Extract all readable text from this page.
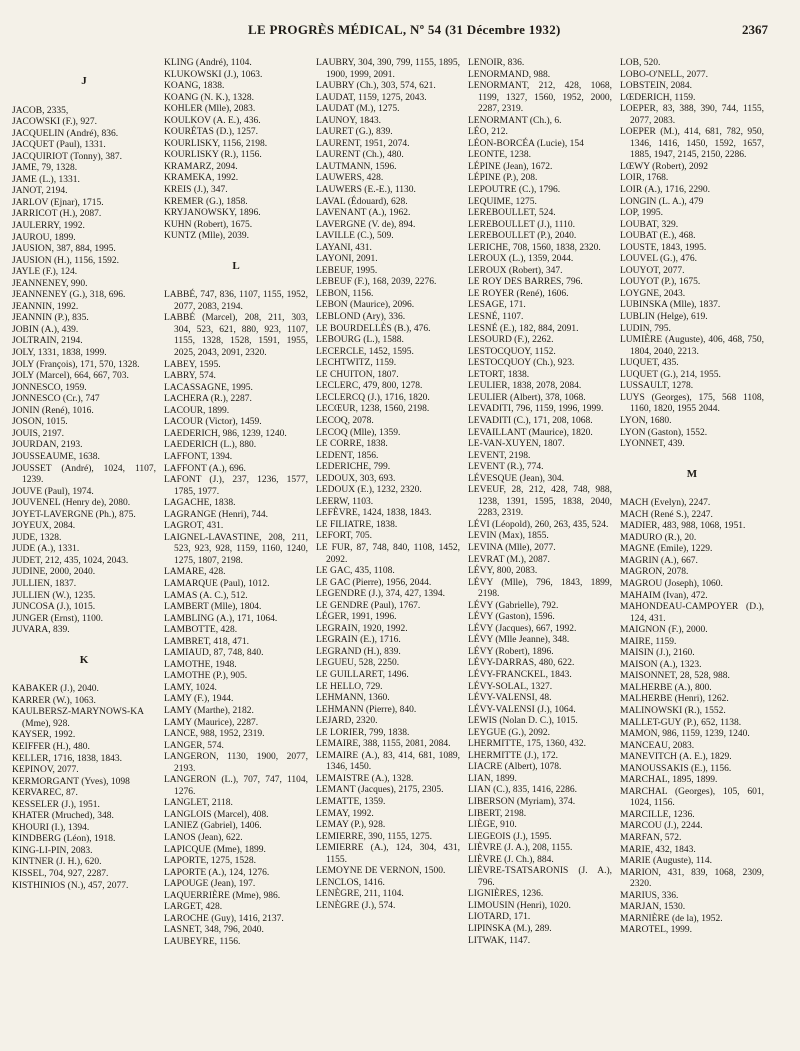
LE PROGRÈS MÉDICAL, Nº 54 (31 Décembre 1932)	2367
J
JACOB, 2335,
JACOWSKI (F.), 927.
JACQUELIN (André), 836.
JACQUET (Paul), 1331.
JACQUIRIOT (Tonny), 387.
JAME, 79, 1328.
JAME (L.), 1331.
JANOT, 2194.
JARLOV (Ejnar), 1715.
JARRICOT (H.), 2087.
JAULERRY, 1992.
JAUROU, 1899.
JAUSION, 387, 884, 1995.
JAUSION (H.), 1156, 1592.
JAYLE (F.), 124.
JEANNENEY, 990.
JEANNENEY (G.), 318, 696.
JEANNIN, 1992.
JEANNIN (P.), 835.
JOBIN (A.), 439.
JOLTRAIN, 2194.
JOLY, 1331, 1838, 1999.
JOLY (François), 171, 570, 1328.
JOLY (Marcel), 664, 667, 703.
JONNESCO, 1959.
JONNESCO (Cr.), 747
JONIN (René), 1016.
JOSON, 1015.
JOUIS, 2197.
JOURDAN, 2193.
JOUSSEAUME, 1638.
JOUSSET (André), 1024, 1107, 1239.
JOUVE (Paul), 1974.
JOUVENEL (Henry de), 2080.
JOYET-LAVERGNE (Ph.), 875.
JOYEUX, 2084.
JUDE, 1328.
JUDE (A.), 1331.
JUDET, 212, 435, 1024, 2043.
JUDINE, 2000, 2040.
JULLIEN, 1837.
JULLIEN (W.), 1235.
JUNCOSA (J.), 1015.
JUNGER (Ernst), 1100.
JUVARA, 839.
K
KABAKER (J.), 2040.
KARRER (W.), 1063.
KAULBERSZ-MARYNOWS-KA (Mme), 928.
KAYSER, 1992.
KEIFFER (H.), 480.
KELLER, 1716, 1838, 1843.
KEPINOV, 2077.
KERMORGANT (Yves), 1098
KERVAREC, 87.
KESSELER (J.), 1951.
KHATER (Mruched), 348.
KHOURI (I.), 1394.
KINDBERG (Léon), 1918.
KING-LI-PIN, 2083.
KINTNER (J. H.), 620.
KISSEL, 704, 927, 2287.
KISTHINIOS (N.), 457, 2077.
KLING (André), 1104.
KLUKOWSKI (J.), 1063.
KOANG, 1838.
KOANG (N. K.), 1328.
KOHLER (Mlle), 2083.
KOULKOV (A. E.), 436.
KOURÉTAS (D.), 1257.
KOURLISKY, 1156, 2198.
KOURLISKY (R.), 1156.
KRAMARZ, 2094.
KRAMEKA, 1992.
KREIS (J.), 347.
KREMER (G.), 1858.
KRYJANOWSKY, 1896.
KUHN (Robert), 1675.
KUNTZ (Mlle), 2039.
L
LABBÉ, 747, 836, 1107, 1155, 1952, 2077, 2083, 2194.
LABBÉ (Marcel), 208, 211, 303, 304, 523, 621, 880, 923, 1107, 1155, 1328, 1528, 1591, 1955, 2025, 2043, 2091, 2320.
LABEY, 1595.
LABRY, 574.
LACASSAGNE, 1995.
LACHERA (R.), 2287.
LACOUR, 1899.
LACOUR (Victor), 1459.
LAEDERICH, 986, 1239, 1240.
LAEDERICH (L.), 880.
LAFFONT, 1394.
LAFFONT (A.), 696.
LAFONT (J.), 237, 1236, 1577, 1785, 1977.
LAGACHE, 1838.
LAGRANGE (Henri), 744.
LAGROT, 431.
LAIGNEL-LAVASTINE, 208, 211, 523, 923, 928, 1159, 1160, 1240, 1275, 1807, 2198.
LAMARE, 428.
LAMARQUE (Paul), 1012.
LAMAS (A. C.), 512.
LAMBERT (Mlle), 1804.
LAMBLING (A.), 171, 1064.
LAMBOTTE, 428.
LAMBRET, 418, 471.
LAMIAUD, 87, 748, 840.
LAMOTHE, 1948.
LAMOTHE (P.), 905.
LAMY, 1024.
LAMY (F.), 1944.
LAMY (Marthe), 2182.
LAMY (Maurice), 2287.
LANCE, 988, 1952, 2319.
LANGER, 574.
LANGERON, 1130, 1900, 2077, 2193.
LANGERON (L.), 707, 747, 1104, 1276.
LANGLET, 2118.
LANGLOIS (Marcel), 408.
LANIEZ (Gabriel), 1406.
LANOS (Jean), 622.
LAPICQUE (Mme), 1899.
LAPORTE, 1275, 1528.
LAPORTE (A.), 124, 1276.
LAPOUGE (Jean), 197.
LAQUERRIÈRE (Mme), 986.
LARGET, 428.
LAROCHE (Guy), 1416, 2137.
LASNET, 348, 796, 2040.
LAUBEYRE, 1156.
LAUBRY, 304, 390, 799, 1155, 1895, 1900, 1999, 2091.
LAUBRY (Ch.), 303, 574, 621.
LAUDAT, 1159, 1275, 2043.
LAUDAT (M.), 1275.
LAUNOY, 1843.
LAURET (G.), 839.
LAURENT, 1951, 2074.
LAURENT (Ch.), 480.
LAUTMANN, 1596.
LAUWERS, 428.
LAUWERS (E.-E.), 1130.
LAVAL (Édouard), 628.
LAVENANT (A.), 1962.
LAVERGNE (V. de), 894.
LAVILLE (C.), 509.
LAYANI, 431.
LAYONI, 2091.
LEBEUF, 1995.
LEBEUF (F.), 168, 2039, 2276.
LEBON, 1156.
LEBON (Maurice), 2096.
LEBLOND (Ary), 336.
LE BOURDELLÈS (B.), 476.
LEBOURG (L.), 1588.
LECERCLE, 1452, 1595.
LECHTWITZ, 1159.
LE CHUITON, 1807.
LECLERC, 479, 800, 1278.
LECLERCQ (J.), 1716, 1820.
LECŒUR, 1238, 1560, 2198.
LECOQ, 2078.
LECOQ (Mlle), 1359.
LE CORRE, 1838.
LEDENT, 1856.
LEDERICHE, 799.
LEDOUX, 303, 693.
LEDOUX (E.), 1232, 2320.
LEERW, 1103.
LEFÈVRE, 1424, 1838, 1843.
LE FILIATRE, 1838.
LEFORT, 705.
LE FUR, 87, 748, 840, 1108, 1452, 2092.
LE GAC, 435, 1108.
LE GAC (Pierre), 1956, 2044.
LEGENDRE (J.), 374, 427, 1394.
LE GENDRE (Paul), 1767.
LÉGER, 1991, 1996.
LEGRAIN, 1920, 1992.
LEGRAIN (E.), 1716.
LEGRAND (H.), 839.
LEGUEU, 528, 2250.
LE GUILLARET, 1496.
LE HELLO, 729.
LEHMANN, 1360.
LEHMANN (Pierre), 840.
LEJARD, 2320.
LE LORIER, 799, 1838.
LEMAIRE, 388, 1155, 2081, 2084.
LEMAIRE (A.), 83, 414, 681, 1089, 1346, 1450.
LEMAISTRE (A.), 1328.
LEMANT (Jacques), 2175, 2305.
LEMATTE, 1359.
LEMAY, 1992.
LEMAY (P.), 928.
LEMIERRE, 390, 1155, 1275.
LEMIERRE (A.), 124, 304, 431, 1155.
LEMOYNE DE VERNON, 1500.
LENCLOS, 1416.
LENÈGRE, 211, 1104.
LENÈGRE (J.), 574.
LENOIR, 836.
LENORMAND, 988.
LENORMANT, 212, 428, 1068, 1199, 1327, 1560, 1952, 2000, 2287, 2319.
LENORMANT (Ch.), 6.
LÉO, 212.
LÉON-BORCÉA (Lucie), 154
LEONTE, 1238.
LÉPINE (Jean), 1672.
LÉPINE (P.), 208.
LEPOUTRE (C.), 1796.
LEQUIME, 1275.
LEREBOULLET, 524.
LEREBOULLET (J.), 1110.
LEREBOULLET (P.), 2040.
LERICHE, 708, 1560, 1838, 2320.
LEROUX (L.), 1359, 2044.
LEROUX (Robert), 347.
LE ROY DES BARRES, 796.
LE ROYER (René), 1606.
LESAGE, 171.
LESNÉ, 1107.
LESNÉ (E.), 182, 884, 2091.
LESOURD (F.), 2262.
LESTOCQUOY, 1152.
LESTOCQUOY (Ch.), 923.
LETORT, 1838.
LEULIER, 1838, 2078, 2084.
LEULIER (Albert), 378, 1068.
LEVADITI, 796, 1159, 1996, 1999.
LEVADITI (C.), 171, 208, 1068.
LEVAILLANT (Maurice), 1820.
LE-VAN-XUYEN, 1807.
LEVENT, 2198.
LEVENT (R.), 774.
LÉVESQUE (Jean), 304.
LEVEUF, 28, 212, 428, 748, 988, 1238, 1391, 1595, 1838, 2040, 2283, 2319.
LÉVI (Léopold), 260, 263, 435, 524.
LEVIN (Max), 1855.
LEVINA (Mlle), 2077.
LEVRAT (M.), 2087.
LÉVY, 800, 2083.
LÉVY (Mlle), 796, 1843, 1899, 2198.
LÉVY (Gabrielle), 792.
LÉVY (Gaston), 1596.
LÉVY (Jacques), 667, 1992.
LÉVY (Mlle Jeanne), 348.
LÉVY (Robert), 1896.
LÉVY-DARRAS, 480, 622.
LÉVY-FRANCKEL, 1843.
LÉVY-SOLAL, 1327.
LÉVY-VALENSI, 48.
LÉVY-VALENSI (J.), 1064.
LEWIS (Nolan D. C.), 1015.
LEYGUE (G.), 2092.
LHERMITTE, 175, 1360, 432.
LHERMITTE (J.), 172.
LIACRE (Albert), 1078.
LIAN, 1899.
LIAN (C.), 835, 1416, 2286.
LIBERSON (Myriam), 374.
LIBERT, 2198.
LIÈGE, 910.
LIEGEOIS (J.), 1595.
LIÈVRE (J. A.), 208, 1155.
LIÈVRE (J. Ch.), 884.
LIÈVRE-TSATSARONIS (J. A.), 796.
LIGNIÈRES, 1236.
LIMOUSIN (Henri), 1020.
LIOTARD, 171.
LIPINSKA (M.), 289.
LITWAK, 1147.
LOB, 520.
LOBO-O'NELL, 2077.
LOBSTEIN, 2084.
LŒDERICH, 1159.
LOEPER, 83, 388, 390, 744, 1155, 2077, 2083.
LOEPER (M.), 414, 681, 782, 950, 1346, 1416, 1450, 1592, 1657, 1885, 1947, 2145, 2150, 2286.
LŒWY (Robert), 2092
LOIR, 1768.
LOIR (A.), 1716, 2290.
LONGIN (L. A.), 479
LOP, 1995.
LOUBAT, 329.
LOUBAT (E.), 468.
LOUSTE, 1843, 1995.
LOUVEL (G.), 476.
LOUYOT, 2077.
LOUYOT (P.), 1675.
LOYGNE, 2043.
LUBINSKA (Mlle), 1837.
LUBLIN (Helge), 619.
LUDIN, 795.
LUMIÈRE (Auguste), 406, 468, 750, 1804, 2040, 2213.
LUQUET, 435.
LUQUET (G.), 214, 1955.
LUSSAULT, 1278.
LUYS (Georges), 175, 568 1108, 1160, 1820, 1955 2044.
LYON, 1680.
LYON (Gaston), 1552.
LYONNET, 439.
M
MACH (Evelyn), 2247.
MACH (René S.), 2247.
MADIER, 483, 988, 1068, 1951.
MADURO (R.), 20.
MAGNE (Emile), 1229.
MAGRIN (A.), 667.
MAGRON, 2078.
MAGROU (Joseph), 1060.
MAHAIM (Ivan), 472.
MAHONDEAU-CAMPOYER (D.), 124, 431.
MAIGNON (F.), 2000.
MAIRE, 1159.
MAISIN (J.), 2160.
MAISON (A.), 1323.
MAISONNET, 28, 528, 988.
MALHERBE (A.), 800.
MALHERBE (Henri), 1262.
MALINOWSKI (R.), 1552.
MALLET-GUY (P.), 652, 1138.
MAMON, 986, 1159, 1239, 1240.
MANCEAU, 2083.
MANEVITCH (A. E.), 1829.
MANOUSSAKIS (E.), 1156.
MARCHAL, 1895, 1899.
MARCHAL (Georges), 105, 601, 1024, 1156.
MARCILLE, 1236.
MARCOU (J.), 2244.
MARFAN, 572.
MARIE, 432, 1843.
MARIE (Auguste), 114.
MARION, 431, 839, 1068, 2309, 2320.
MARIUS, 336.
MARJAN, 1530.
MARNIÈRE (de la), 1952.
MAROTEL, 1999.
